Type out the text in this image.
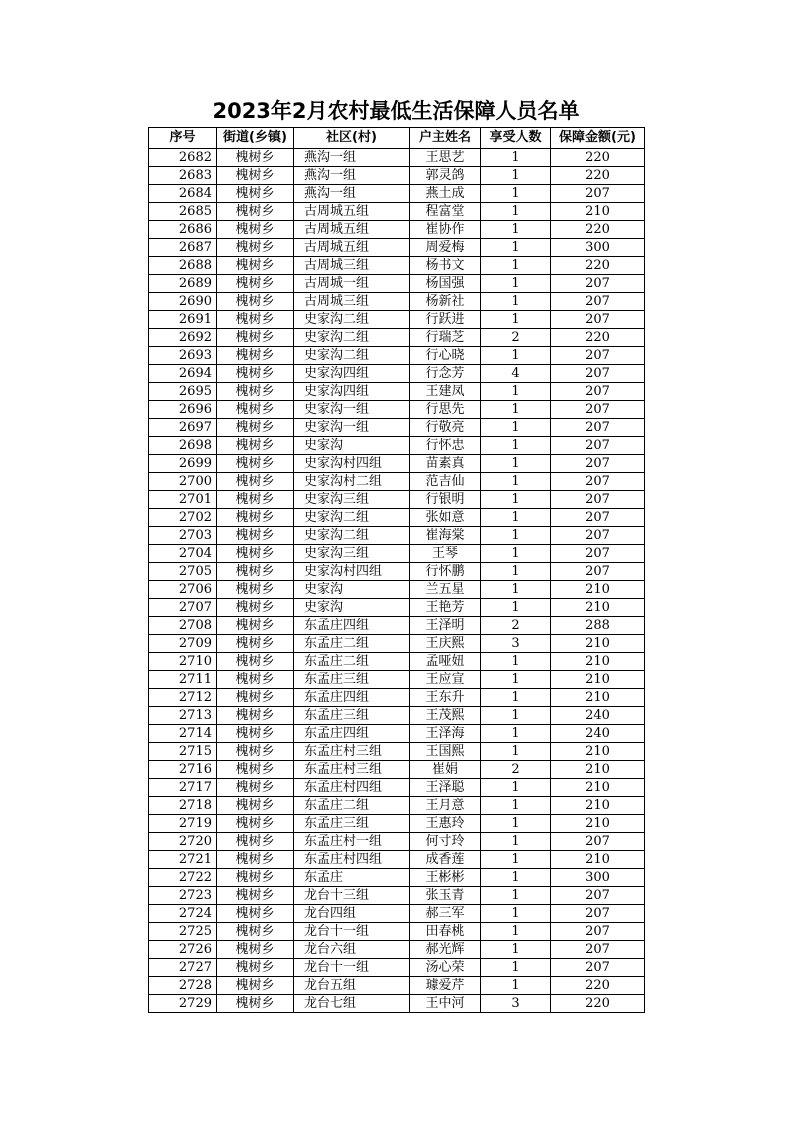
2023年2月农村最低生活保障人员名单
序号	街道(乡镇)	社区(村)	户主姓名	享受人数	保障金额(元)
2682	槐树乡	燕沟一组	王思艺	1	220
2683	槐树乡	燕沟一组	郭灵鸽	1	220
2684	槐树乡	燕沟一组	燕土成	1	207
2685	槐树乡	古周城五组	程富堂	1	210
2686	槐树乡	古周城五组	崔协作	1	220
2687	槐树乡	古周城五组	周爱梅	1	300
2688	槐树乡	古周城三组	杨书文	1	220
2689	槐树乡	古周城一组	杨国强	1	207
2690	槐树乡	古周城三组	杨新社	1	207
2691	槐树乡	史家沟二组	行跃进	1	207
2692	槐树乡	史家沟二组	行瑞芝	2	220
2693	槐树乡	史家沟二组	行心晓	1	207
2694	槐树乡	史家沟四组	行念芳	4	207
2695	槐树乡	史家沟四组	王建凤	1	207
2696	槐树乡	史家沟一组	行思先	1	207
2697	槐树乡	史家沟一组	行敬亮	1	207
2698	槐树乡	史家沟	行怀忠	1	207
2699	槐树乡	史家沟村四组	苗素真	1	207
2700	槐树乡	史家沟村二组	范吉仙	1	207
2701	槐树乡	史家沟三组	行银明	1	207
2702	槐树乡	史家沟二组	张如意	1	207
2703	槐树乡	史家沟二组	崔海棠	1	207
2704	槐树乡	史家沟三组	王琴	1	207
2705	槐树乡	史家沟村四组	行怀鹏	1	207
2706	槐树乡	史家沟	兰五星	1	210
2707	槐树乡	史家沟	王艳芳	1	210
2708	槐树乡	东孟庄四组	王泽明	2	288
2709	槐树乡	东孟庄二组	王庆熙	3	210
2710	槐树乡	东孟庄二组	孟哑妞	1	210
2711	槐树乡	东孟庄三组	王应宣	1	210
2712	槐树乡	东孟庄四组	王东升	1	210
2713	槐树乡	东孟庄三组	王茂熙	1	240
2714	槐树乡	东孟庄四组	王泽海	1	240
2715	槐树乡	东孟庄村三组	王国熙	1	210
2716	槐树乡	东孟庄村三组	崔娟	2	210
2717	槐树乡	东孟庄村四组	王泽聪	1	210
2718	槐树乡	东孟庄二组	王月意	1	210
2719	槐树乡	东孟庄三组	王惠玲	1	210
2720	槐树乡	东孟庄村一组	何寸玲	1	207
2721	槐树乡	东孟庄村四组	成香莲	1	210
2722	槐树乡	东孟庄	王彬彬	1	300
2723	槐树乡	龙台十三组	张玉青	1	207
2724	槐树乡	龙台四组	郝三军	1	207
2725	槐树乡	龙台十一组	田春桃	1	207
2726	槐树乡	龙台六组	郝光辉	1	207
2727	槐树乡	龙台十一组	汤心荣	1	207
2728	槐树乡	龙台五组	璩爱芹	1	220
2729	槐树乡	龙台七组	王中河	3	220
